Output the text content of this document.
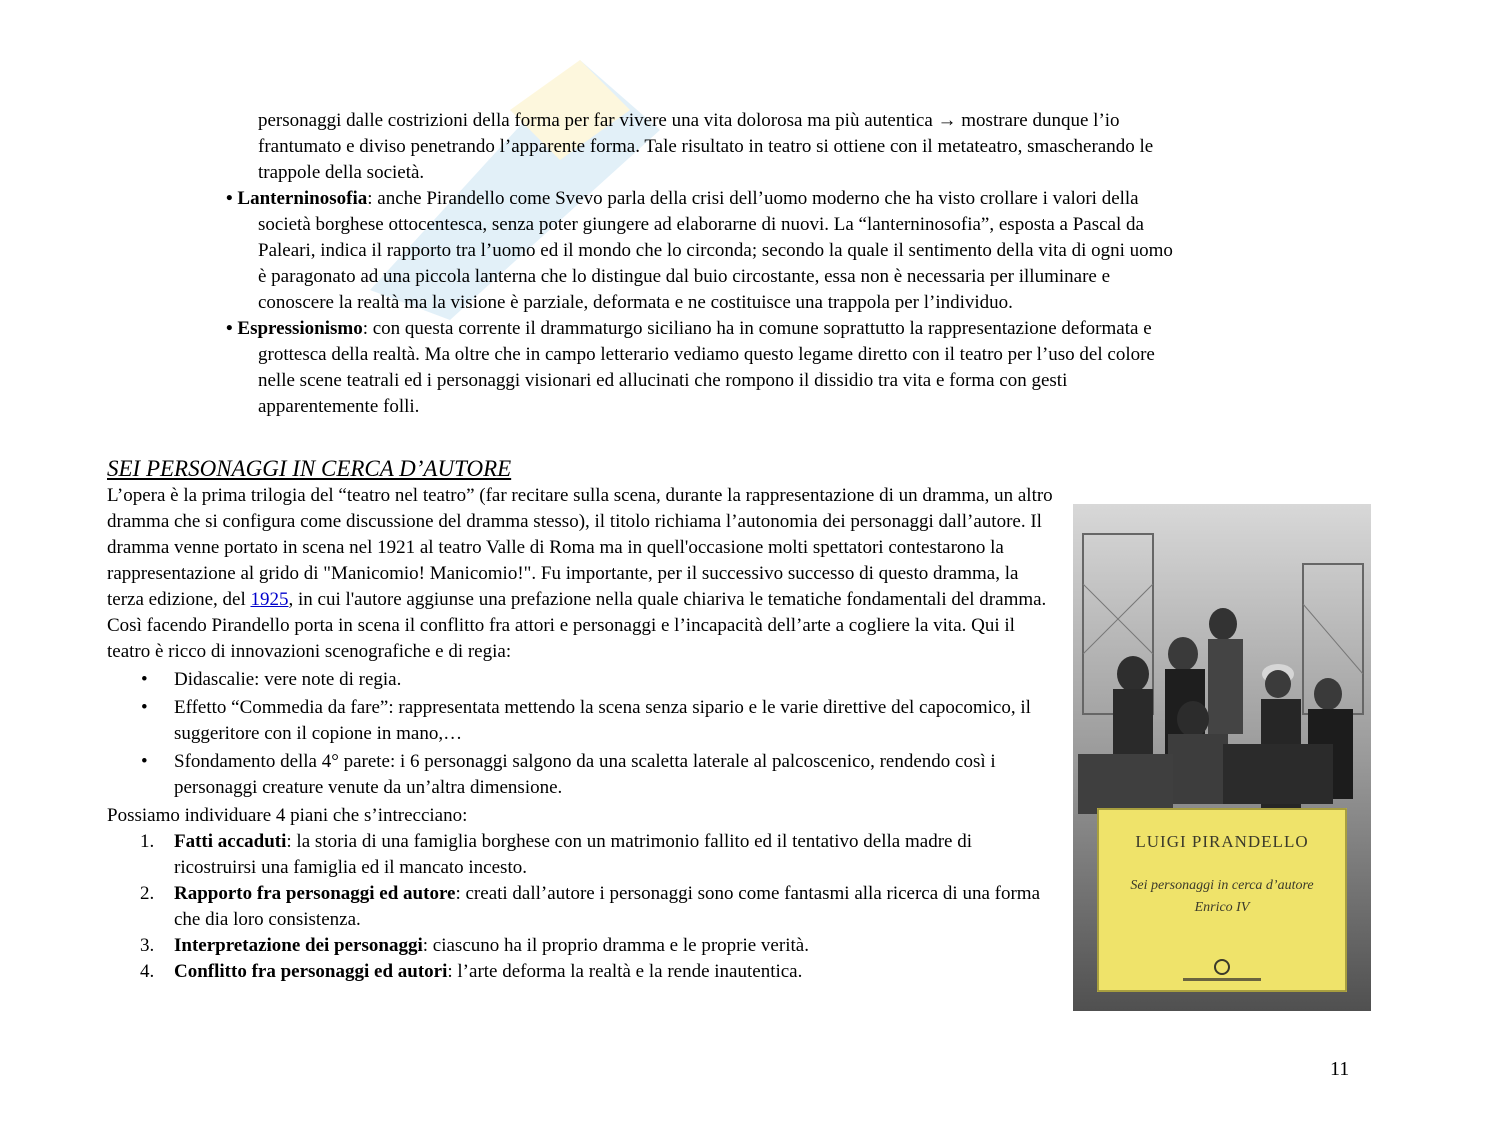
personaggi dalle costrizioni della forma per far vivere una vita dolorosa ma più autentica → mostrare dunque l’io
frantumato e diviso penetrando l’apparente forma. Tale risultato in teatro si ottiene con il metateatro, smascherando le
trappole della società.
• Lanterninosofia: anche Pirandello come Svevo parla della crisi dell’uomo moderno che ha visto crollare i valori della
società borghese ottocentesca, senza poter giungere ad elaborarne di nuovi. La “lanterninosofia”, esposta a Pascal da
Paleari, indica il rapporto tra l’uomo ed il mondo che lo circonda; secondo la quale il sentimento della vita di ogni uomo
è paragonato ad una piccola lanterna che lo distingue dal buio circostante, essa non è necessaria per illuminare e
conoscere la realtà ma la visione è parziale, deformata e ne costituisce una trappola per l’individuo.
• Espressionismo: con questa corrente il drammaturgo siciliano ha in comune soprattutto la rappresentazione deformata e
grottesca della realtà. Ma oltre che in campo letterario vediamo questo legame diretto con il teatro per l’uso del colore
nelle scene teatrali ed i personaggi visionari ed allucinati che rompono il dissidio tra vita e forma con gesti
apparentemente folli.
SEI PERSONAGGI IN CERCA D’AUTORE

L’opera è la prima trilogia del “teatro nel teatro” (far recitare sulla scena, durante la rappresentazione di un dramma, un altro dramma che si configura come discussione del dramma stesso), il titolo richiama l’autonomia dei personaggi dall’autore. Il dramma venne portato in scena nel 1921 al teatro Valle di Roma ma in quell'occasione molti spettatori contestarono la rappresentazione al grido di "Manicomio! Manicomio!". Fu importante, per il successivo successo di questo dramma, la terza edizione, del 1925, in cui l'autore aggiunse una prefazione nella quale chiariva le tematiche fondamentali del dramma. Così facendo Pirandello porta in scena il conflitto fra attori e personaggi e l’incapacità dell’arte a cogliere la vita. Qui il teatro è ricco di innovazioni scenografiche e di regia:

• Didascalie: vere note di regia.
• Effetto “Commedia da fare”: rappresentata mettendo la scena senza sipario e le varie direttive del capocomico, il suggeritore con il copione in mano,…
• Sfondamento della 4° parete: i 6 personaggi salgono da una scaletta laterale al palcoscenico, rendendo così i personaggi creature venute da un’altra dimensione.

Possiamo individuare 4 piani che s’intrecciano:

1. Fatti accaduti: la storia di una famiglia borghese con un matrimonio fallito ed il tentativo della madre di ricostruirsi una famiglia ed il mancato incesto.
2. Rapporto fra personaggi ed autore: creati dall’autore i personaggi sono come fantasmi alla ricerca di una forma che dia loro consistenza.
3. Interpretazione dei personaggi: ciascuno ha il proprio dramma e le proprie verità.
4. Conflitto fra personaggi ed autori: l’arte deforma la realtà e la rende inautentica.
LUIGI PIRANDELLO
Sei personaggi in cerca d’autore
Enrico IV
11
